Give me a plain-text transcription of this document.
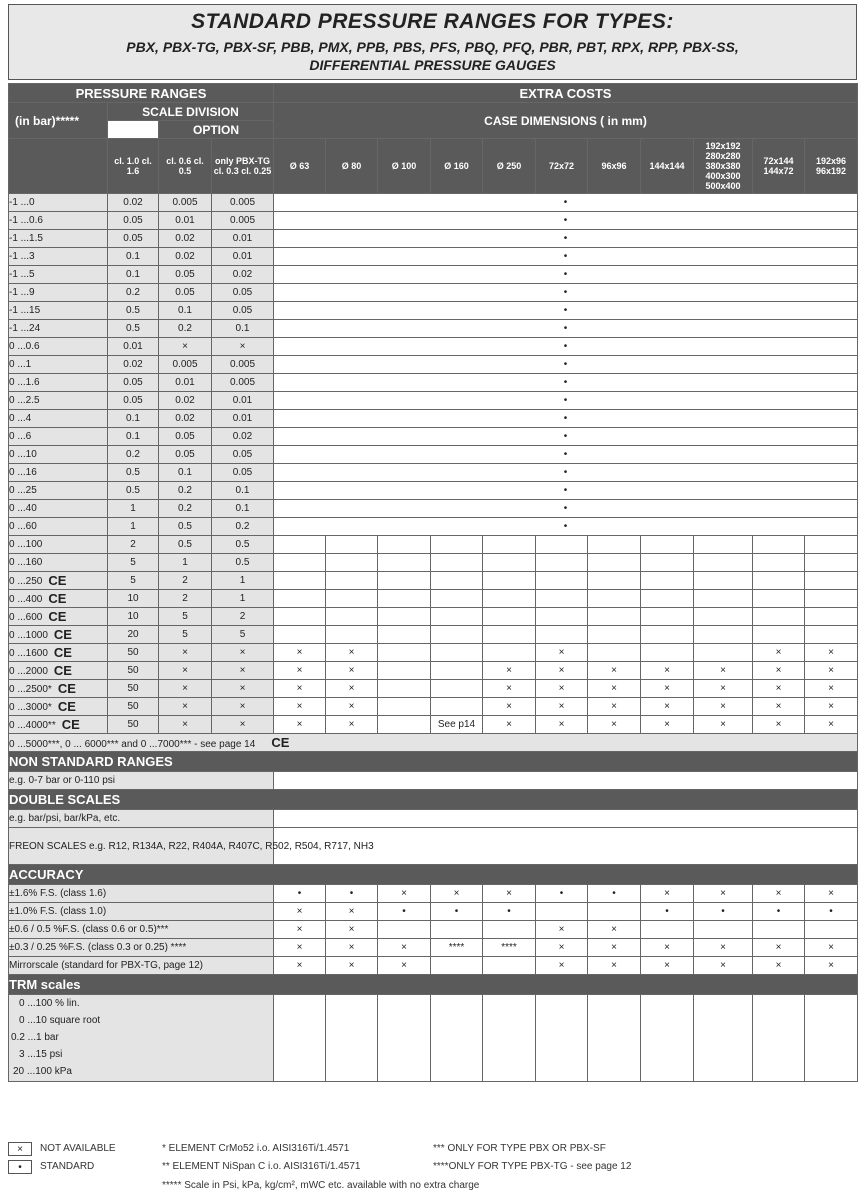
STANDARD PRESSURE RANGES FOR TYPES:
PBX, PBX-TG, PBX-SF, PBB, PMX, PPB, PBS, PFS, PBQ, PFQ, PBR, PBT, RPX, RPP, PBX-SS,
DIFFERENTIAL PRESSURE GAUGES
PRESSURE RANGES				EXTRA COSTS										
(in bar)*****	SCALE DIVISION			CASE DIMENSIONS ( in mm)										
		OPTION												
	cl. 1.0 cl. 1.6	cl. 0.6 cl. 0.5	only PBX-TG cl. 0.3 cl. 0.25	Ø 63	Ø 80	Ø 100	Ø 160	Ø 250	72x72	96x96	144x144	192x192 280x280 380x380 400x300 500x400	72x144 144x72	192x96 96x192
-1 ...0	0.02	0.005	0.005	•										
-1 ...0.6	0.05	0.01	0.005	•										
-1 ...1.5	0.05	0.02	0.01	•										
-1 ...3	0.1	0.02	0.01	•										
-1 ...5	0.1	0.05	0.02	•										
-1 ...9	0.2	0.05	0.05	•										
-1 ...15	0.5	0.1	0.05	•										
-1 ...24	0.5	0.2	0.1	•										
0 ...0.6	0.01	×	×	•										
0 ...1	0.02	0.005	0.005	•										
0 ...1.6	0.05	0.01	0.005	•										
0 ...2.5	0.05	0.02	0.01	•										
0 ...4	0.1	0.02	0.01	•										
0 ...6	0.1	0.05	0.02	•										
0 ...10	0.2	0.05	0.05	•										
0 ...16	0.5	0.1	0.05	•										
0 ...25	0.5	0.2	0.1	•										
0 ...40	1	0.2	0.1	•										
0 ...60	1	0.5	0.2	•										
0 ...100	2	0.5	0.5											
0 ...160	5	1	0.5											
0 ...250 CE	5	2	1											
0 ...400 CE	10	2	1											
0 ...600 CE	10	5	2											
0 ...1000 CE	20	5	5											
0 ...1600 CE	50	×	×	×	×				×				×	×
0 ...2000 CE	50	×	×	×	×			×	×	×	×	×	×	×
0 ...2500* CE	50	×	×	×	×			×	×	×	×	×	×	×
0 ...3000* CE	50	×	×	×	×			×	×	×	×	×	×	×
0 ...4000** CE	50	×	×	×	×		See p14	×	×	×	×	×	×	×
0 ...5000***, 0 ... 6000*** and 0 ...7000*** - see page 14 CE														
NON STANDARD RANGES														
e.g. 0-7 bar or 0-110 psi														
DOUBLE SCALES														
e.g. bar/psi, bar/kPa, etc.														
FREON SCALES e.g. R12, R134A, R22, R404A, R407C, R502, R504, R717, NH3														
ACCURACY														
±1.6% F.S. (class 1.6)				•	•	×	×	×	•	•	×	×	×	×
±1.0% F.S. (class 1.0)				×	×	•	•	•			•	•	•	•
±0.6 / 0.5 %F.S. (class 0.6 or 0.5)***				×	×				×	×				
±0.3 / 0.25 %F.S. (class 0.3 or 0.25) ****				×	×	×	****	****	×	×	×	×	×	×
Mirrorscale (standard for PBX-TG, page 12)				×	×	×			×	×	×	×	×	×
TRM scales														

0 ...100 % lin.
0 ...10 square root
0.2 ...1 bar
3 ...15 psi
20 ...100 kPa														

×	NOT AVAILABLE
•	STANDARD
* ELEMENT CrMo52 i.o. AISI316Ti/1.4571
** ELEMENT NiSpan C i.o. AISI316Ti/1.4571
*** ONLY FOR TYPE PBX OR PBX-SF
****ONLY FOR TYPE PBX-TG - see page 12
***** Scale in Psi, kPa, kg/cm², mWC etc. available with no extra charge
